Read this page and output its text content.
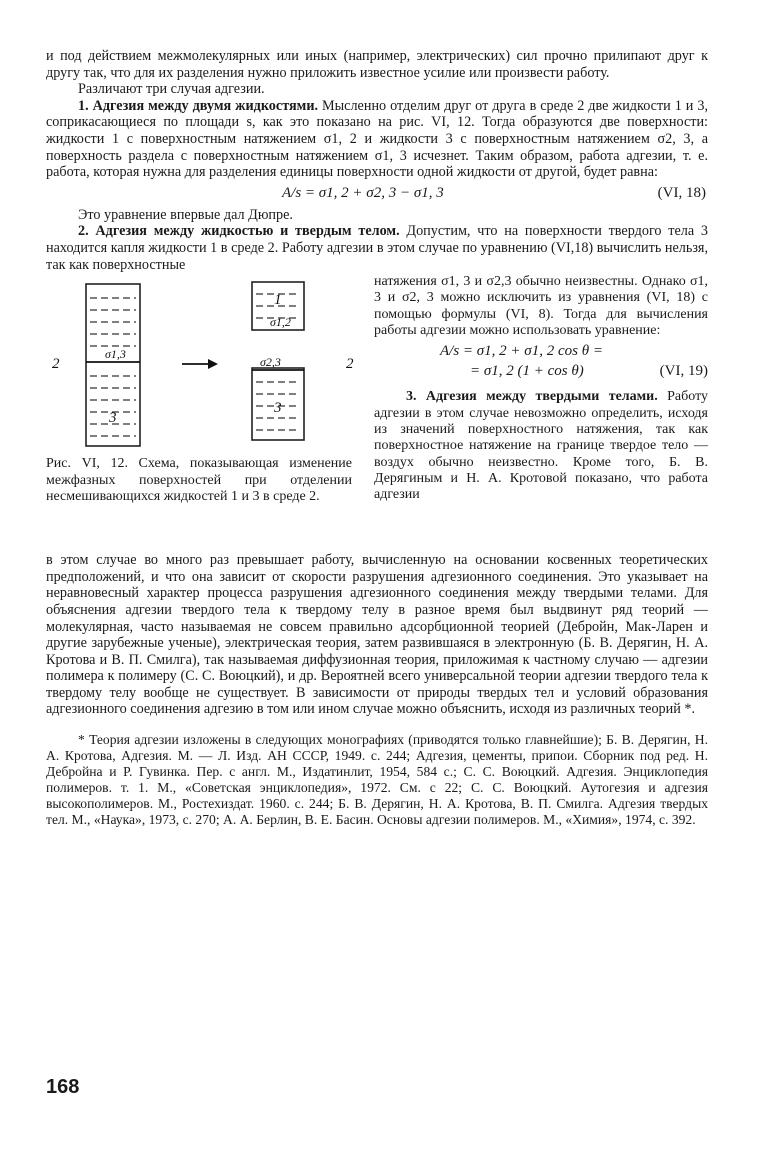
и под действием межмолекулярных или иных (например, электрических) сил прочно прилипают друг к другу так, что для их разделения нужно приложить известное усилие или произвести работу.

Различают три случая адгезии.

1. Адгезия между двумя жидкостями. Мысленно отделим друг от друга в среде 2 две жидкости 1 и 3, соприкасающиеся по площади s, как это показано на рис. VI, 12. Тогда образуются две поверхности: жидкости 1 с поверхностным натяжением σ1, 2 и жидкости 3 с поверхностным натяжением σ2, 3, а поверхность раздела с поверхностным натяжением σ1, 3 исчезнет. Таким образом, работа адгезии, т. е. работа, которая нужна для разделения единицы поверхности одной жидкости от другой, будет равна:

A/s = σ1, 2 + σ2, 3 − σ1, 3	(VI, 18)

Это уравнение впервые дал Дюпре.

2. Адгезия между жидкостью и твердым телом. Допустим, что на поверхности твердого тела 3 находится капля жидкости 1 в среде 2. Работу адгезии в этом случае по уравнению (VI,18) вычислить нельзя, так как поверхностные

2	2
σ1,3
3
1
σ1,2
σ2,3
3
Рис. VI, 12. Схема, показывающая изменение межфазных поверхностей при отделении несмешивающихся жидкостей 1 и 3 в среде 2.

натяжения σ1, 3 и σ2,3 обычно неизвестны. Однако σ1, 3 и σ2, 3 можно исключить из уравнения (VI, 18) с помощью формулы (VI, 8). Тогда для вычисления работы адгезии можно использовать уравнение:

A/s = σ1, 2 + σ1, 2 cos θ =
= σ1, 2 (1 + cos θ)	(VI, 19)

3. Адгезия между твердыми телами. Работу адгезии в этом случае невозможно определить, исходя из значений поверхностного натяжения, так как поверхностное натяжение на границе твердое тело — воздух обычно неизвестно. Кроме того, Б. В. Дерягиным и Н. А. Кротовой показано, что работа адгезии

в этом случае во много раз превышает работу, вычисленную на основании косвенных теоретических предположений, и что она зависит от скорости разрушения адгезионного соединения. Это указывает на неравновесный характер процесса разрушения адгезионного соединения между твердыми телами. Для объяснения адгезии твердого тела к твердому телу в разное время был выдвинут ряд теорий — молекулярная, часто называемая не совсем правильно адсорбционной теорией (Дебройн, Мак-Ларен и другие зарубежные ученые), электрическая теория, затем развившаяся в электронную (Б. В. Дерягин, Н. А. Кротова и В. П. Смилга), так называемая диффузионная теория, приложимая к частному случаю — адгезии полимера к полимеру (С. С. Воюцкий), и др. Вероятней всего универсальной теории адгезии твердого тела к твердому телу вообще не существует. В зависимости от природы твердых тел и условий образования адгезионного соединения адгезию в том или ином случае можно объяснить, исходя из различных теорий *.

* Теория адгезии изложены в следующих монографиях (приводятся только главнейшие); Б. В. Дерягин, Н. А. Кротова, Адгезия. М. — Л. Изд. АН СССР, 1949. с. 244; Адгезия, цементы, припои. Сборник под ред. Н. Дебройна и Р. Гувинка. Пер. с англ. М., Издатинлит, 1954, 584 с.; С. С. Воюцкий. Адгезия. Энциклопедия полимеров. т. 1. М., «Советская энциклопедия», 1972. См. с 22; С. С. Воюцкий. Аутогезия и адгезия высокополимеров. М., Ростехиздат. 1960. с. 244; Б. В. Дерягин, Н. А. Кротова, В. П. Смилга. Адгезия твердых тел. М., «Наука», 1973, с. 270; А. А. Берлин, В. Е. Басин. Основы адгезии полимеров. М., «Химия», 1974, с. 392.

168
